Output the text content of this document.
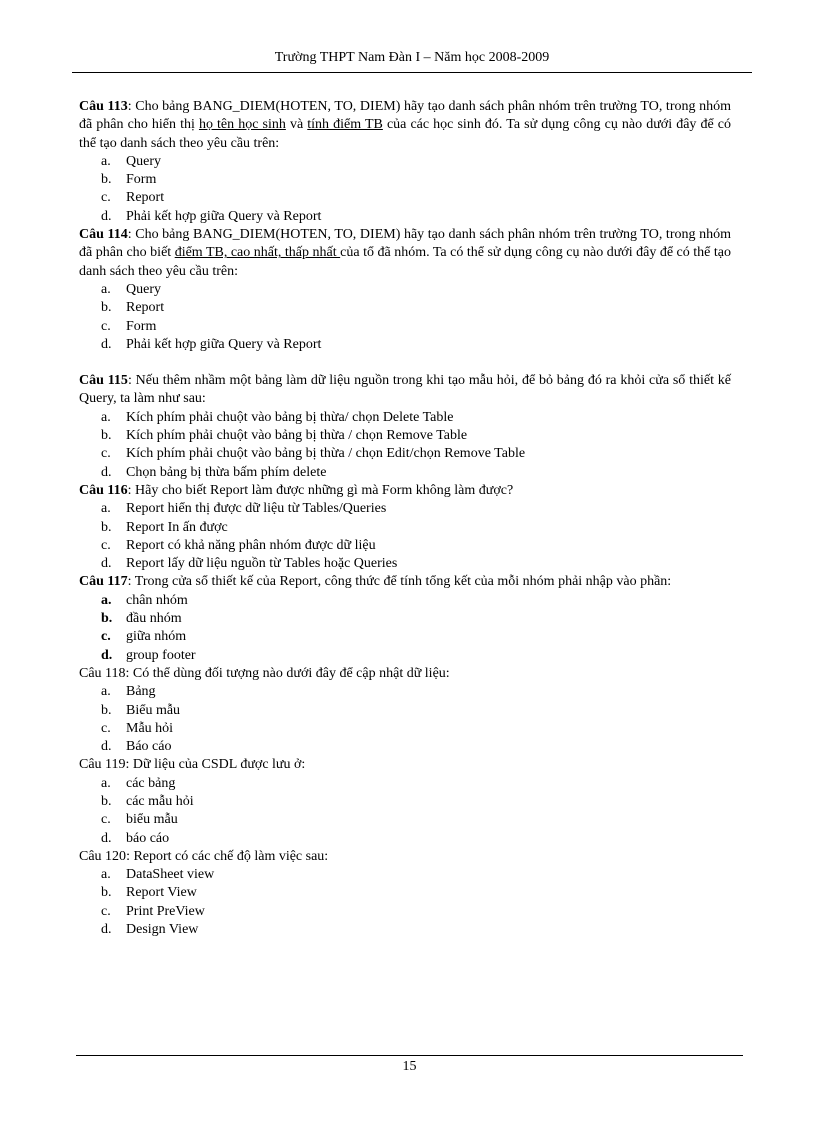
Trường THPT Nam Đàn I – Năm học 2008-2009

Câu 113: Cho bảng BANG_DIEM(HOTEN, TO, DIEM) hãy tạo danh sách phân nhóm trên trường TO, trong nhóm đã phân cho hiển thị họ tên học sinh và tính điểm TB của các học sinh đó. Ta sử dụng công cụ nào dưới đây để có thể tạo danh sách theo yêu cầu trên:

a.	Query
b.	Form
c.	Report
d.	Phải kết hợp giữa Query và Report

Câu 114: Cho bảng BANG_DIEM(HOTEN, TO, DIEM) hãy tạo danh sách phân nhóm trên trường TO, trong nhóm đã phân cho biết điểm TB, cao nhất, thấp nhất của tổ đã nhóm. Ta có thể sử dụng công cụ nào dưới đây để có thể tạo danh sách theo yêu cầu trên:

a.	Query
b.	Report
c.	Form
d.	Phải kết hợp giữa Query và Report

Câu 115: Nếu thêm nhầm một bảng làm dữ liệu nguồn trong khi tạo mẫu hỏi, để bỏ bảng đó ra khỏi cửa sổ thiết kế Query, ta làm như sau:

a.	Kích phím phải chuột vào bảng bị thừa/ chọn Delete Table
b.	Kích phím phải chuột vào bảng bị thừa / chọn Remove Table
c.	Kích phím phải chuột vào bảng bị thừa / chọn Edit/chọn Remove Table
d.	Chọn bảng bị thừa bấm phím delete

Câu 116: Hãy cho biết Report làm được những gì mà Form không làm được?

a.	Report hiển thị được dữ liệu từ Tables/Queries
b.	Report In ấn được
c.	Report có khả năng phân nhóm được dữ liệu
d.	Report lấy dữ liệu nguồn từ Tables hoặc Queries

Câu 117: Trong cửa sổ thiết kế của Report, công thức để tính tổng kết của mỗi nhóm phải nhập vào phần:

a.	chân nhóm
b. đầu nhóm
c.	giữa nhóm
d. group footer

Câu 118: Có thể dùng đối tượng nào dưới đây để cập nhật dữ liệu:

a.	Bảng
b.	Biểu mẫu
c.	Mẫu hỏi
d.	Báo cáo

Câu 119: Dữ liệu của CSDL được lưu ở:

a.	các bảng
b.	các mẫu hỏi
c.	biểu mẫu
d.	báo cáo

Câu 120: Report có các chế độ làm việc sau:

a.	DataSheet view
b.	Report View
c.	Print PreView
d.	Design View
15
